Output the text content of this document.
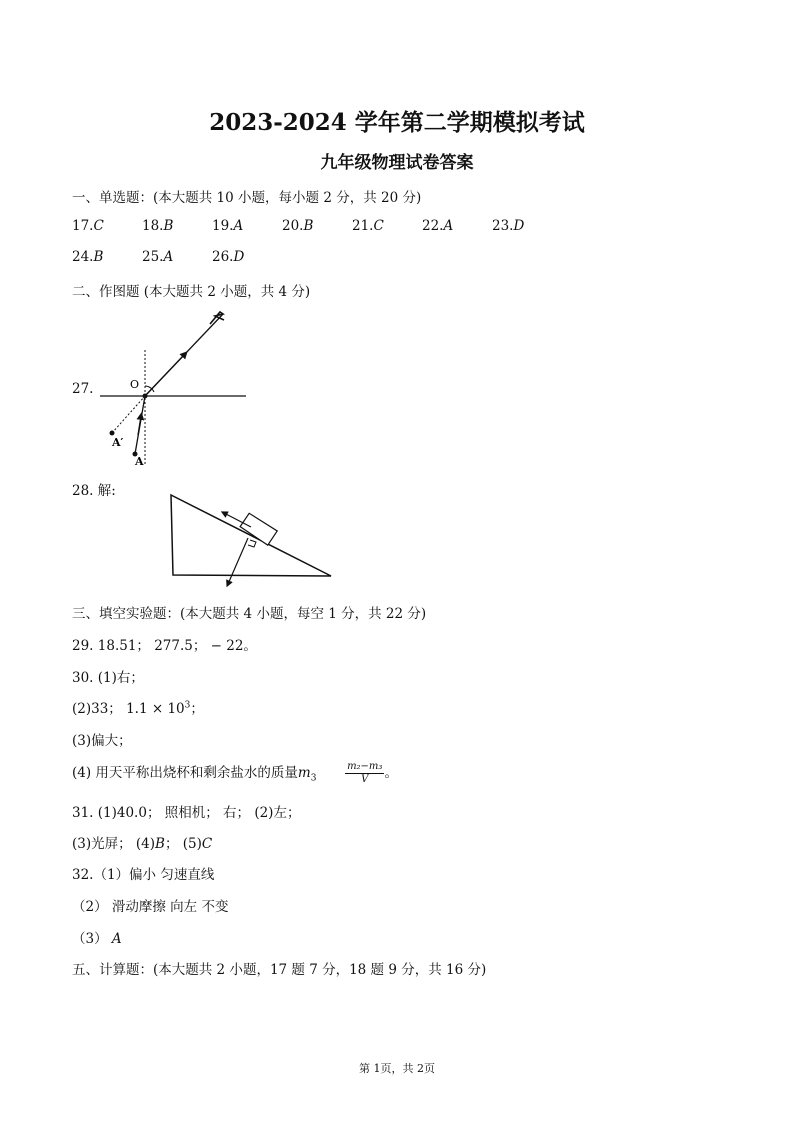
2023-2024 学年第二学期模拟考试
九年级物理试卷答案
一、单选题：(本大题共 10 小题，每小题 2 分，共 20 分)
17.C	18.B	19.A	20.B	21.C	22.A	23.D
24.B	25.A	26.D
二、作图题 (本大题共 2 小题，共 4 分)
27.	O
A
A′
28. 解:
三、填空实验题：(本大题共 4 小题，每空 1 分，共 22 分)
29. 18.51； 277.5； − 22。
30. (1)右；
(2)33； $1.1 \times 10^3$；
(3)偏大；
(4) 用天平称出烧杯和剩余盐水的质量$m_3$	$\frac{\text{m₂−m₃}}{V}$ 。
31. (1)40.0； 照相机； 右； (2)左；
(3)光屏； (4)B； (5)C
32.（1）偏小 匀速直线
（2） 滑动摩擦 向左 不变
（3） A
五、计算题：(本大题共 2 小题，17 题 7 分，18 题 9 分，共 16 分)
第 1页，共 2页
